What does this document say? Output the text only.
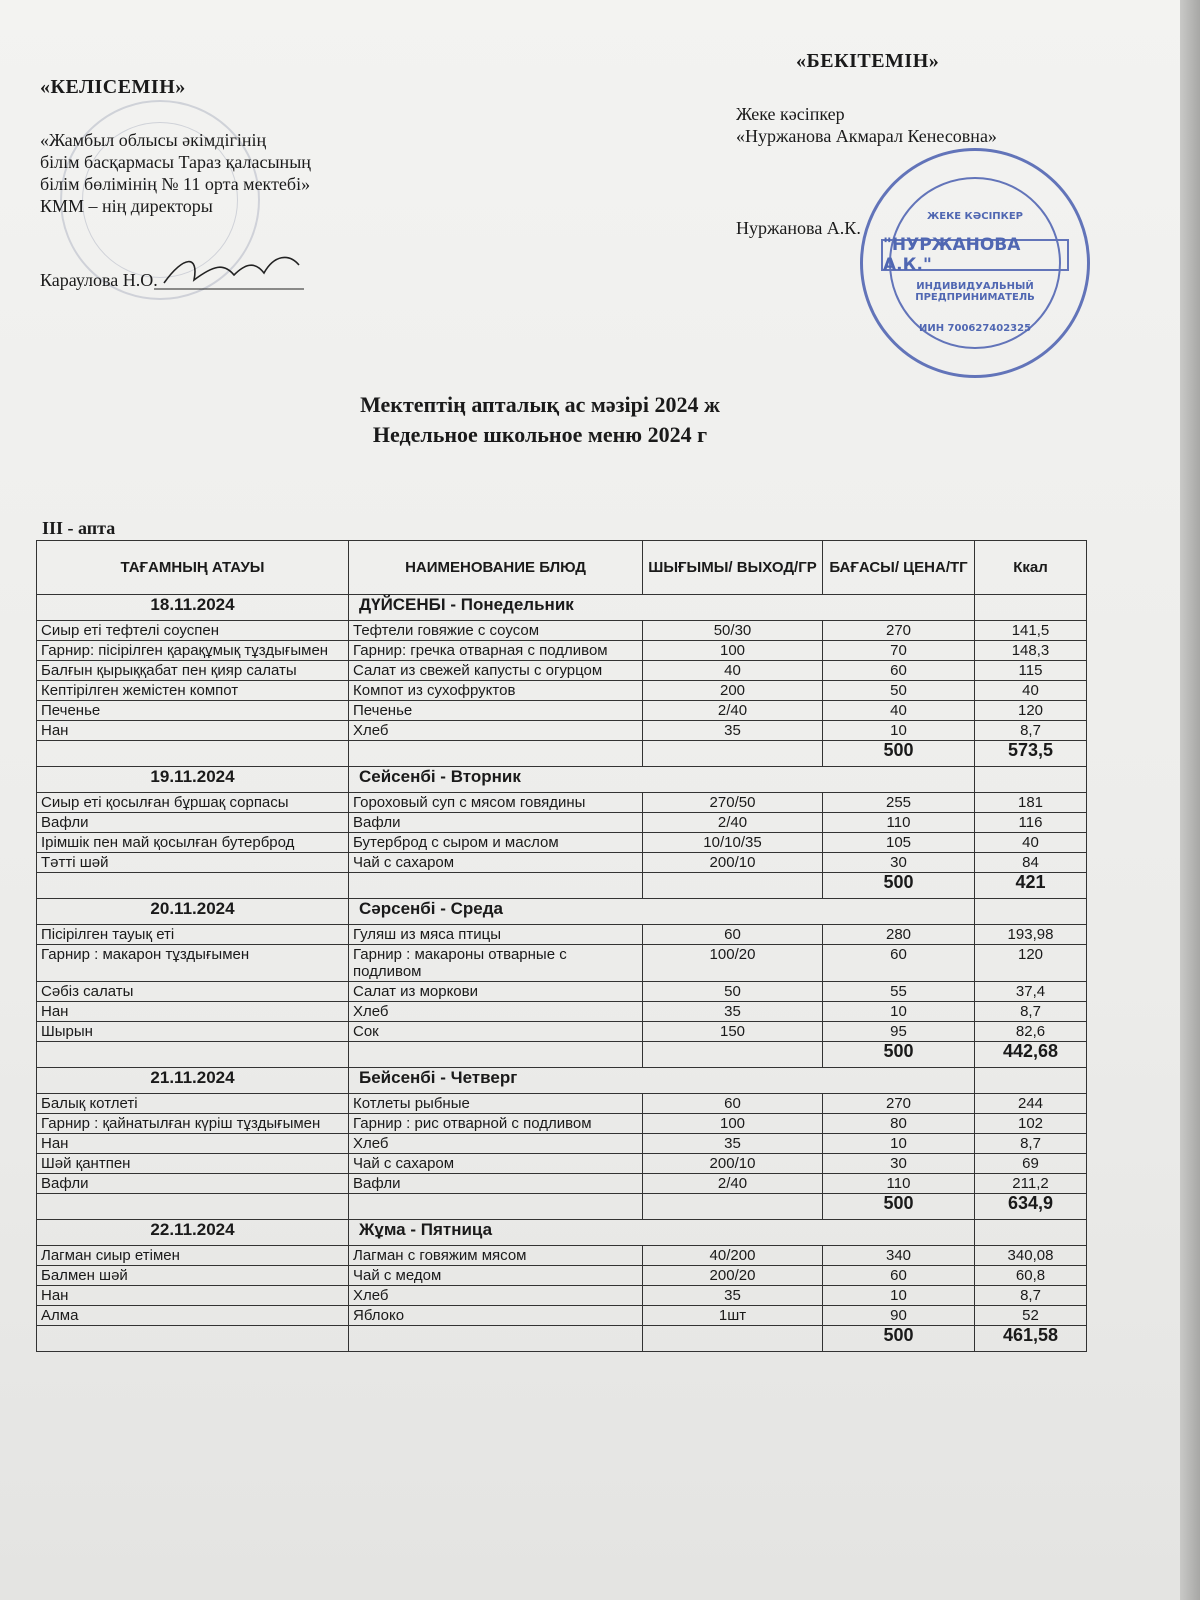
«КЕЛІСЕМІН»
«Жамбыл облысы әкімдігінің
білім басқармасы Тараз қаласының
білім бөлімінің № 11 орта мектебі»
КММ – нің директоры
Караулова Н.О.
«БЕКІТЕМІН»
Жеке кәсіпкер
«Нуржанова Акмарал Кенесовна»
Нуржанова А.К.
ЖЕКЕ КӘСІПКЕР
"НУРЖАНОВА А.К."
ИНДИВИДУАЛЬНЫЙ ПРЕДПРИНИМАТЕЛЬ
ИИН 700627402325
Мектептің апталық ас мәзірі 2024 ж
Недельное школьное меню 2024 г
III - апта
ТАҒАМНЫҢ АТАУЫ	НАИМЕНОВАНИЕ БЛЮД	ШЫҒЫМЫ/ ВЫХОД/ГР	БАҒАСЫ/ ЦЕНА/ТГ	Ккал
18.11.2024	ДҮЙСЕНБІ - Понедельник			
Сиыр еті тефтелі соуспен	Тефтели говяжие с соусом	50/30	270	141,5
Гарнир: пісірілген қарақұмық тұздығымен	Гарнир: гречка отварная с подливом	100	70	148,3
Балғын қырыққабат пен қияр салаты	Салат из свежей капусты с огурцом	40	60	115
Кептірілген жемістен компот	Компот из сухофруктов	200	50	40
Печенье	Печенье	2/40	40	120
Нан	Хлеб	35	10	8,7
			500	573,5
19.11.2024	Сейсенбі - Вторник			
Сиыр еті қосылған бұршақ сорпасы	Гороховый суп с мясом говядины	270/50	255	181
Вафли	Вафли	2/40	110	116
Ірімшік пен май қосылған бутерброд	Бутерброд с сыром и маслом	10/10/35	105	40
Тәтті шәй	Чай с сахаром	200/10	30	84
			500	421
20.11.2024	Сәрсенбі - Среда			
Пісірілген тауық еті	Гуляш из мяса птицы	60	280	193,98
Гарнир : макарон тұздығымен	Гарнир : макароны отварные с подливом	100/20	60	120
Сәбіз салаты	Салат из моркови	50	55	37,4
Нан	Хлеб	35	10	8,7
Шырын	Сок	150	95	82,6
			500	442,68
21.11.2024	Бейсенбі - Четверг			
Балық котлеті	Котлеты рыбные	60	270	244
Гарнир : қайнатылған күріш тұздығымен	Гарнир : рис отварной с подливом	100	80	102
Нан	Хлеб	35	10	8,7
Шәй қантпен	Чай с сахаром	200/10	30	69
Вафли	Вафли	2/40	110	211,2
			500	634,9
22.11.2024	Жұма - Пятница			
Лагман сиыр етімен	Лагман с говяжим мясом	40/200	340	340,08
Балмен шәй	Чай с медом	200/20	60	60,8
Нан	Хлеб	35	10	8,7
Алма	Яблоко	1шт	90	52
			500	461,58
